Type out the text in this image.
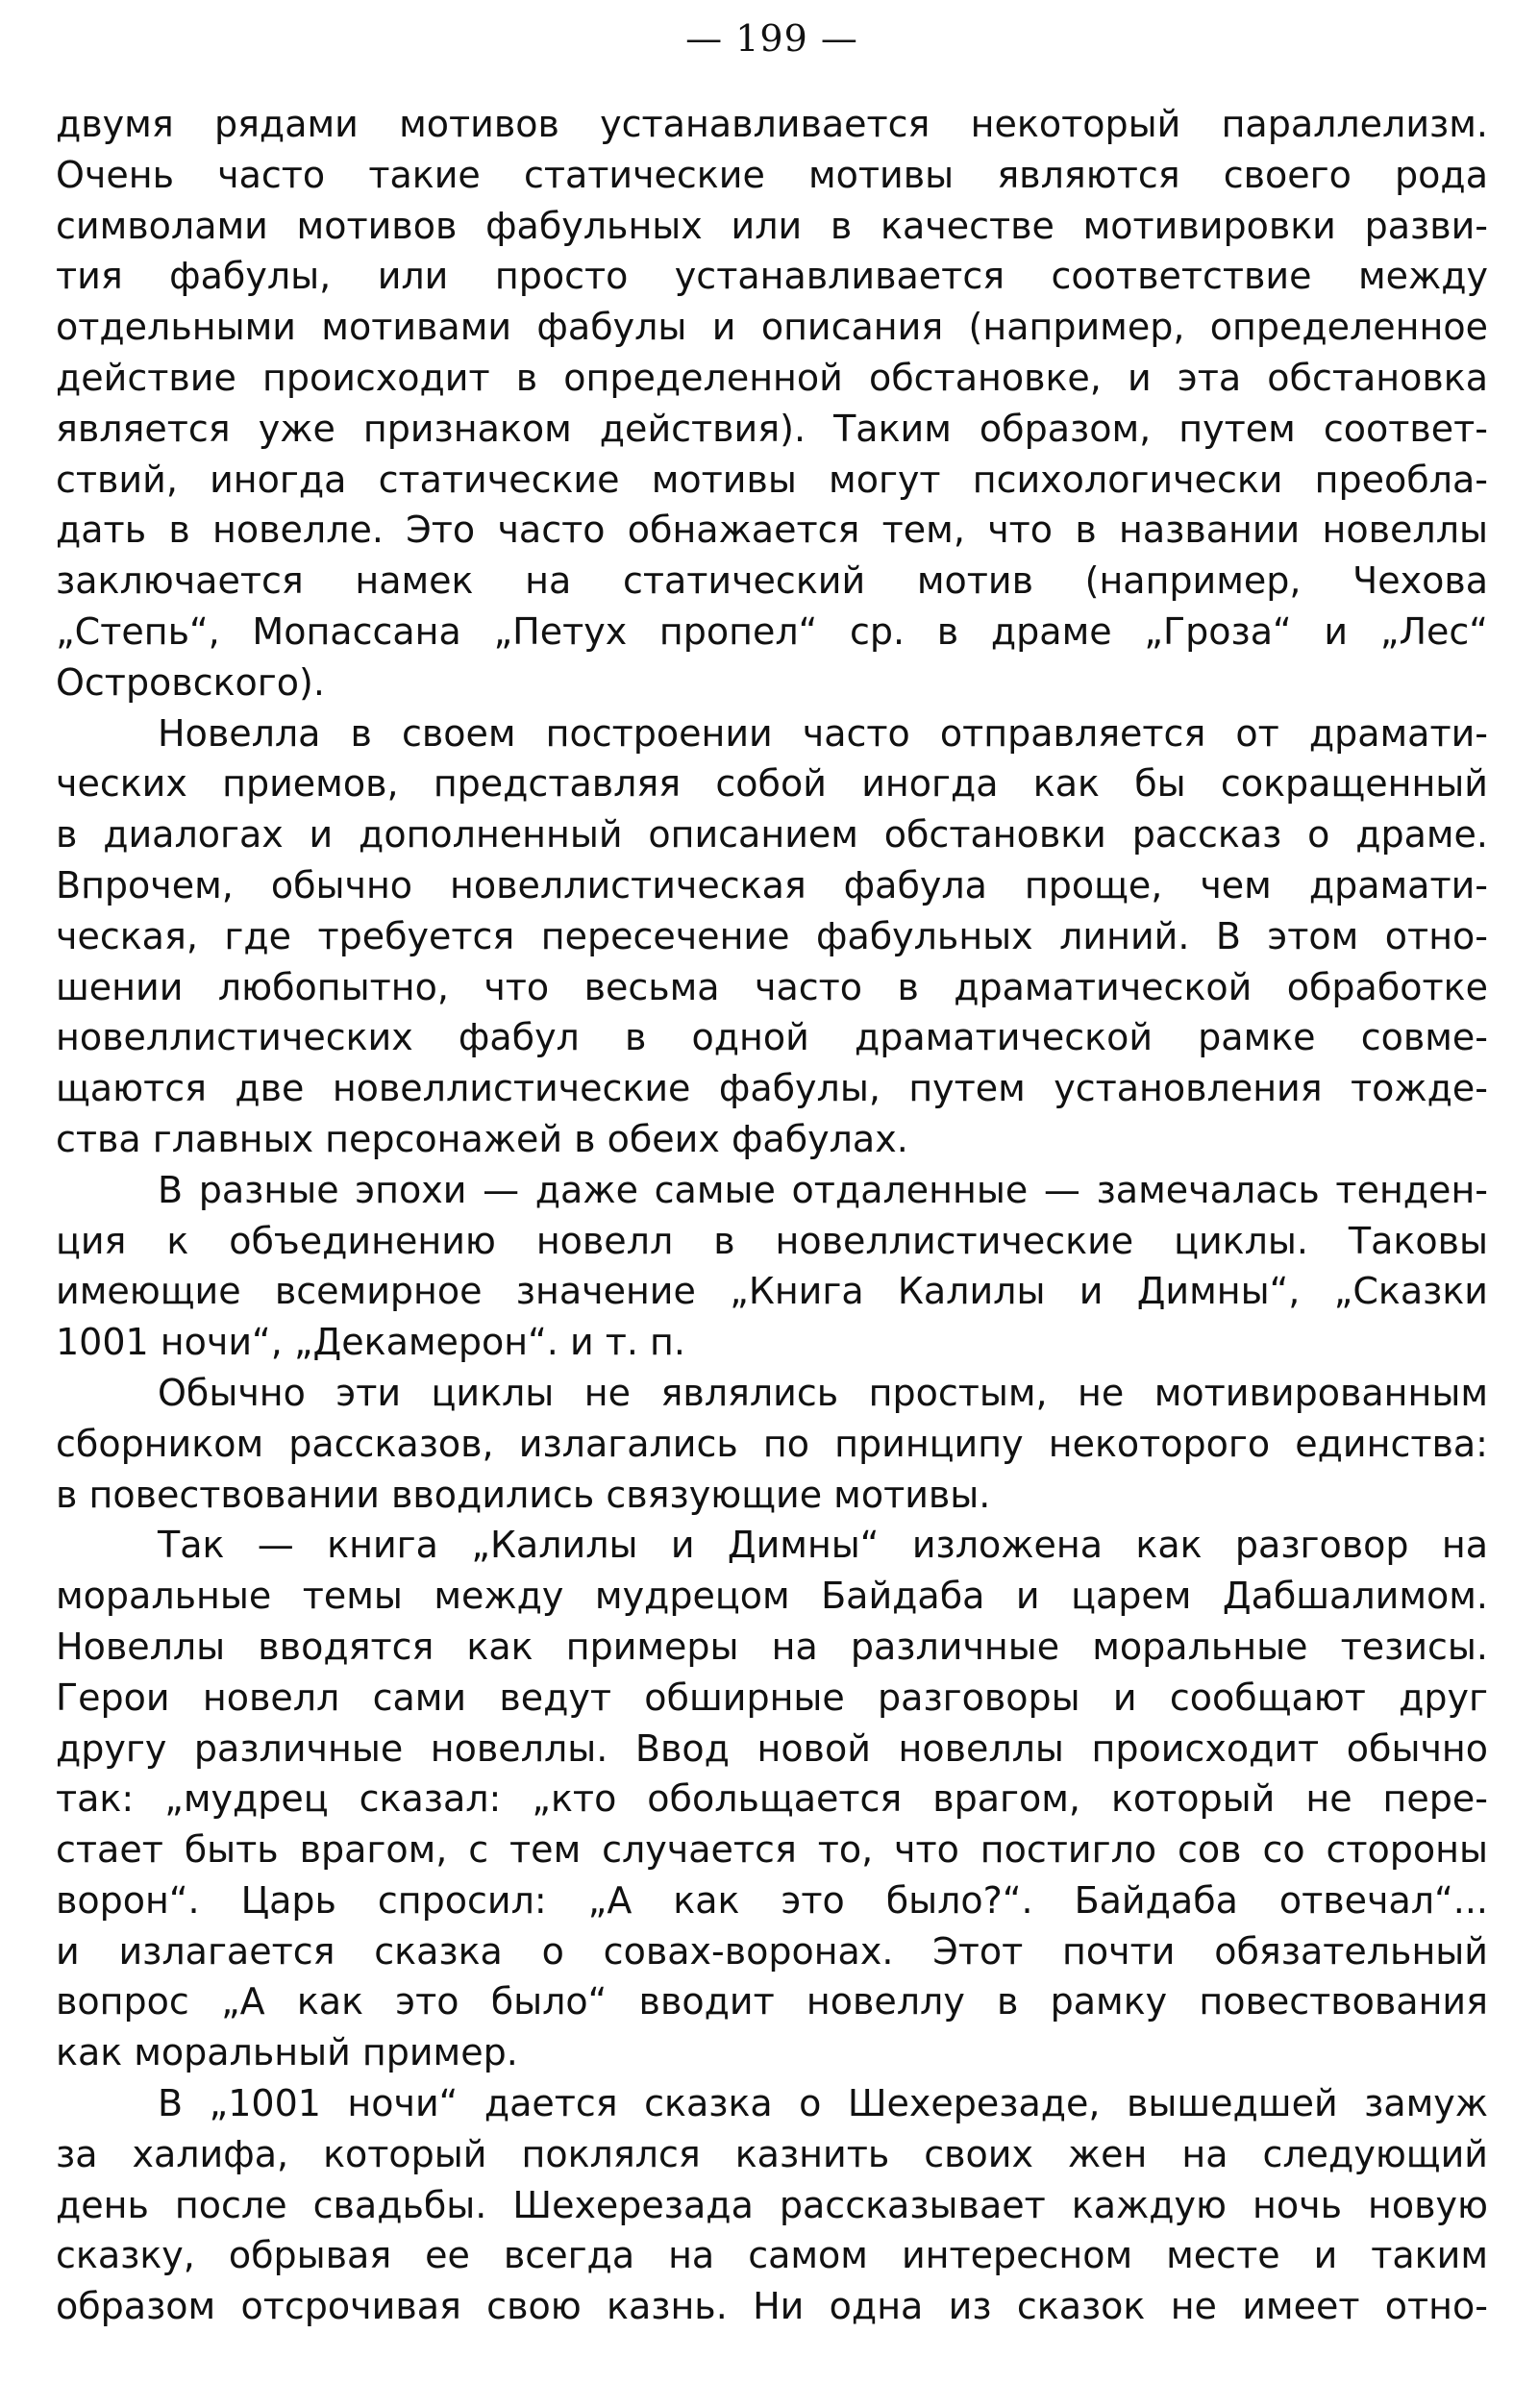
— 199 —
двумя рядами мотивов устанавливается некоторый параллелизм.
Очень часто такие статические мотивы являются своего рода
символами мотивов фабульных или в качестве мотивировки разви-
тия фабулы, или просто устанавливается соответствие между
отдельными мотивами фабулы и описания (например, определенное
действие происходит в определенной обстановке, и эта обстановка
является уже признаком действия). Таким образом, путем соответ-
ствий, иногда статические мотивы могут психологически преобла-
дать в новелле. Это часто обнажается тем, что в названии новеллы
заключается намек на статический мотив (например, Чехова
„Степь“, Мопассана „Петух пропел“ ср. в драме „Гроза“ и „Лес“
Островского).
Новелла в своем построении часто отправляется от драмати-
ческих приемов, представляя собой иногда как бы сокращенный
в диалогах и дополненный описанием обстановки рассказ о драме.
Впрочем, обычно новеллистическая фабула проще, чем драмати-
ческая, где требуется пересечение фабульных линий. В этом отно-
шении любопытно, что весьма часто в драматической обработке
новеллистических фабул в одной драматической рамке совме-
щаются две новеллистические фабулы, путем установления тожде-
ства главных персонажей в обеих фабулах.
В разные эпохи — даже самые отдаленные — замечалась тенден-
ция к объединению новелл в новеллистические циклы. Таковы
имеющие всемирное значение „Книга Калилы и Димны“, „Сказки
1001 ночи“, „Декамерон“. и т. п.
Обычно эти циклы не являлись простым, не мотивированным
сборником рассказов, излагались по принципу некоторого единства:
в повествовании вводились связующие мотивы.
Так — книга „Калилы и Димны“ изложена как разговор на
моральные темы между мудрецом Байдаба и царем Дабшалимом.
Новеллы вводятся как примеры на различные моральные тезисы.
Герои новелл сами ведут обширные разговоры и сообщают друг
другу различные новеллы. Ввод новой новеллы происходит обычно
так: „мудрец сказал: „кто обольщается врагом, который не пере-
стает быть врагом, с тем случается то, что постигло сов со стороны
ворон“. Царь спросил: „А как это было?“. Байдаба отвечал“...
и излагается сказка о совах-воронах. Этот почти обязательный
вопрос „А как это было“ вводит новеллу в рамку повествования
как моральный пример.
В „1001 ночи“ дается сказка о Шехерезаде, вышедшей замуж
за халифа, который поклялся казнить своих жен на следующий
день после свадьбы. Шехерезада рассказывает каждую ночь новую
сказку, обрывая ее всегда на самом интересном месте и таким
образом отсрочивая свою казнь. Ни одна из сказок не имеет отно-
